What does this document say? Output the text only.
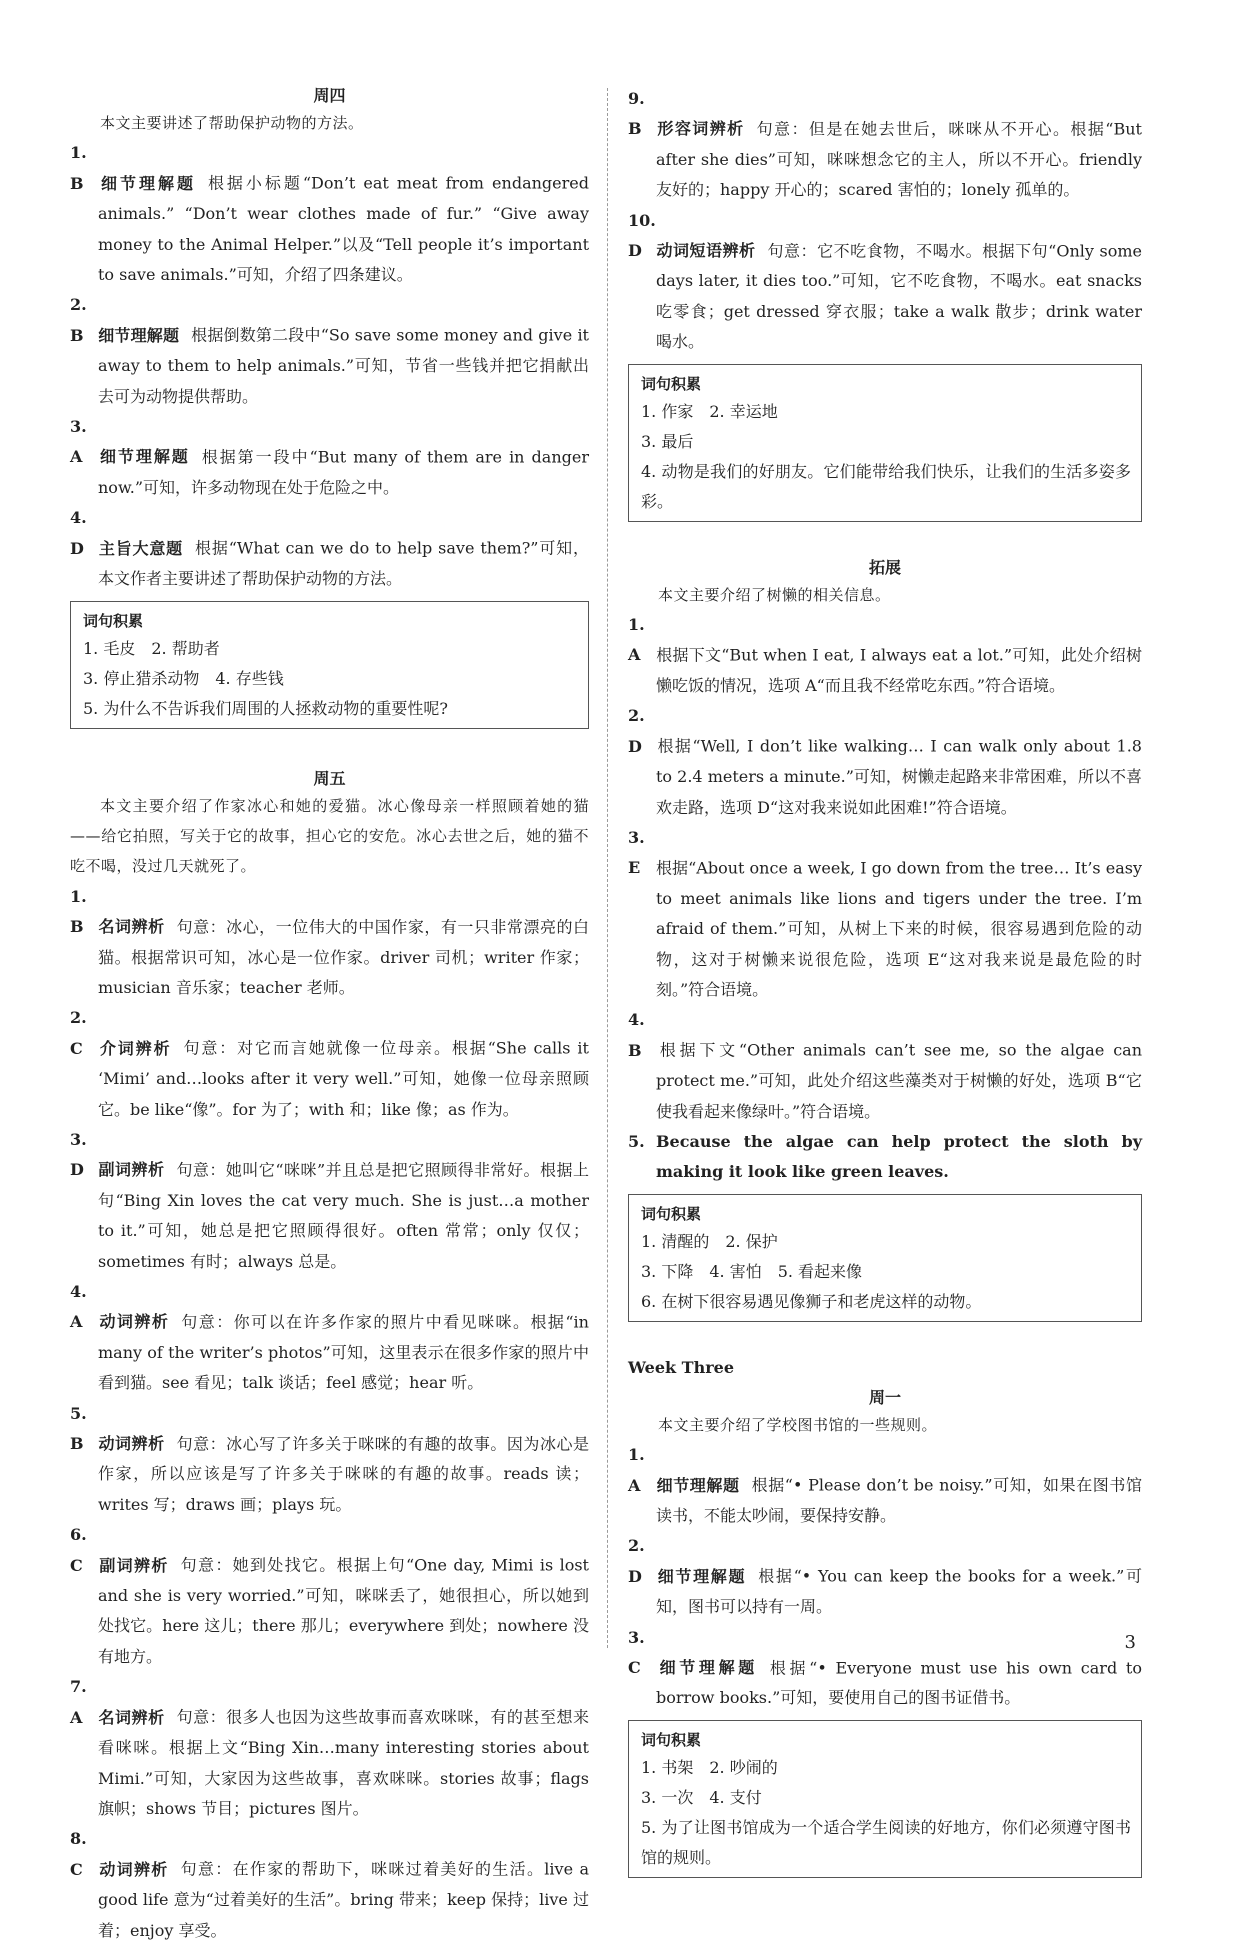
周四

本文主要讲述了帮助保护动物的方法。

1. B 细节理解题 根据小标题“Don’t eat meat from endangered animals.” “Don’t wear clothes made of fur.” “Give away money to the Animal Helper.”以及“Tell people it’s important to save animals.”可知，介绍了四条建议。

2. B 细节理解题 根据倒数第二段中“So save some money and give it away to them to help animals.”可知，节省一些钱并把它捐献出去可为动物提供帮助。

3. A 细节理解题 根据第一段中“But many of them are in danger now.”可知，许多动物现在处于危险之中。

4. D 主旨大意题 根据“What can we do to help save them?”可知，本文作者主要讲述了帮助保护动物的方法。

词句积累

1. 毛皮　2. 帮助者

3. 停止猎杀动物　4. 存些钱

5. 为什么不告诉我们周围的人拯救动物的重要性呢?

周五

本文主要介绍了作家冰心和她的爱猫。冰心像母亲一样照顾着她的猫——给它拍照，写关于它的故事，担心它的安危。冰心去世之后，她的猫不吃不喝，没过几天就死了。

1. B 名词辨析 句意：冰心，一位伟大的中国作家，有一只非常漂亮的白猫。根据常识可知，冰心是一位作家。driver 司机；writer 作家；musician 音乐家；teacher 老师。

2. C 介词辨析 句意：对它而言她就像一位母亲。根据“She calls it ‘Mimi’ and…looks after it very well.”可知，她像一位母亲照顾它。be like“像”。for 为了；with 和；like 像；as 作为。

3. D 副词辨析 句意：她叫它“咪咪”并且总是把它照顾得非常好。根据上句“Bing Xin loves the cat very much. She is just…a mother to it.”可知，她总是把它照顾得很好。often 常常；only 仅仅；sometimes 有时；always 总是。

4. A 动词辨析 句意：你可以在许多作家的照片中看见咪咪。根据“in many of the writer’s photos”可知，这里表示在很多作家的照片中看到猫。see 看见；talk 谈话；feel 感觉；hear 听。

5. B 动词辨析 句意：冰心写了许多关于咪咪的有趣的故事。因为冰心是作家，所以应该是写了许多关于咪咪的有趣的故事。reads 读；writes 写；draws 画；plays 玩。

6. C 副词辨析 句意：她到处找它。根据上句“One day, Mimi is lost and she is very worried.”可知，咪咪丢了，她很担心，所以她到处找它。here 这儿；there 那儿；everywhere 到处；nowhere 没有地方。

7. A 名词辨析 句意：很多人也因为这些故事而喜欢咪咪，有的甚至想来看咪咪。根据上文“Bing Xin…many interesting stories about Mimi.”可知，大家因为这些故事，喜欢咪咪。stories 故事；flags 旗帜；shows 节目；pictures 图片。

8. C 动词辨析 句意：在作家的帮助下，咪咪过着美好的生活。live a good life 意为“过着美好的生活”。bring 带来；keep 保持；live 过着；enjoy 享受。

9. B 形容词辨析 句意：但是在她去世后，咪咪从不开心。根据“But after she dies”可知，咪咪想念它的主人，所以不开心。friendly 友好的；happy 开心的；scared 害怕的；lonely 孤单的。

10. D 动词短语辨析 句意：它不吃食物，不喝水。根据下句“Only some days later, it dies too.”可知，它不吃食物，不喝水。eat snacks 吃零食；get dressed 穿衣服；take a walk 散步；drink water 喝水。

词句积累

1. 作家　2. 幸运地

3. 最后

4. 动物是我们的好朋友。它们能带给我们快乐，让我们的生活多姿多彩。

拓展

本文主要介绍了树懒的相关信息。

1. A 根据下文“But when I eat, I always eat a lot.”可知，此处介绍树懒吃饭的情况，选项 A“而且我不经常吃东西。”符合语境。

2. D 根据“Well, I don’t like walking… I can walk only about 1.8 to 2.4 meters a minute.”可知，树懒走起路来非常困难，所以不喜欢走路，选项 D“这对我来说如此困难!”符合语境。

3. E 根据“About once a week, I go down from the tree… It’s easy to meet animals like lions and tigers under the tree. I’m afraid of them.”可知，从树上下来的时候，很容易遇到危险的动物，这对于树懒来说很危险，选项 E“这对我来说是最危险的时刻。”符合语境。

4. B 根据下文“Other animals can’t see me, so the algae can protect me.”可知，此处介绍这些藻类对于树懒的好处，选项 B“它使我看起来像绿叶。”符合语境。

5. Because the algae can help protect the sloth by making it look like green leaves.

词句积累

1. 清醒的　2. 保护

3. 下降　4. 害怕　5. 看起来像

6. 在树下很容易遇见像狮子和老虎这样的动物。

Week Three
周一

本文主要介绍了学校图书馆的一些规则。

1. A 细节理解题 根据“• Please don’t be noisy.”可知，如果在图书馆读书，不能太吵闹，要保持安静。

2. D 细节理解题 根据“• You can keep the books for a week.”可知，图书可以持有一周。

3. C 细节理解题 根据“• Everyone must use his own card to borrow books.”可知，要使用自己的图书证借书。

词句积累

1. 书架　2. 吵闹的

3. 一次　4. 支付

5. 为了让图书馆成为一个适合学生阅读的好地方，你们必须遵守图书馆的规则。

3
